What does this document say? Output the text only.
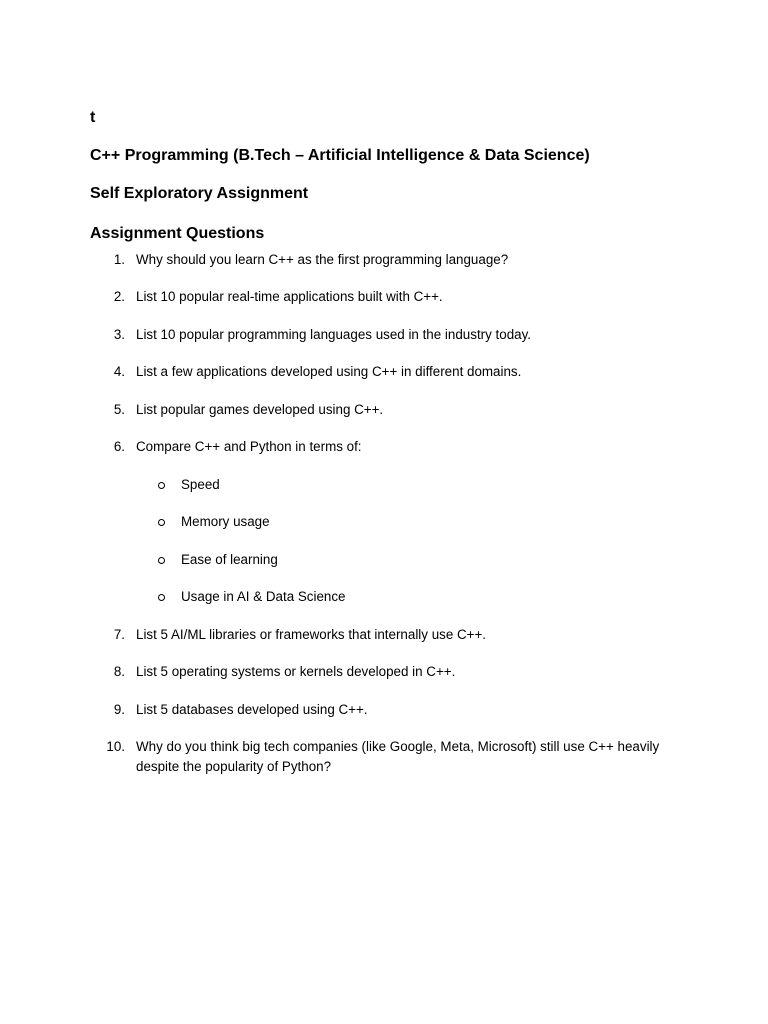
t
C++ Programming (B.Tech – Artificial Intelligence & Data Science)
Self Exploratory Assignment
Assignment Questions
1. Why should you learn C++ as the first programming language?
2. List 10 popular real-time applications built with C++.
3. List 10 popular programming languages used in the industry today.
4. List a few applications developed using C++ in different domains.
5. List popular games developed using C++.
6. Compare C++ and Python in terms of:
Speed
Memory usage
Ease of learning
Usage in AI & Data Science
7. List 5 AI/ML libraries or frameworks that internally use C++.
8. List 5 operating systems or kernels developed in C++.
9. List 5 databases developed using C++.
10. Why do you think big tech companies (like Google, Meta, Microsoft) still use C++ heavily despite the popularity of Python?
